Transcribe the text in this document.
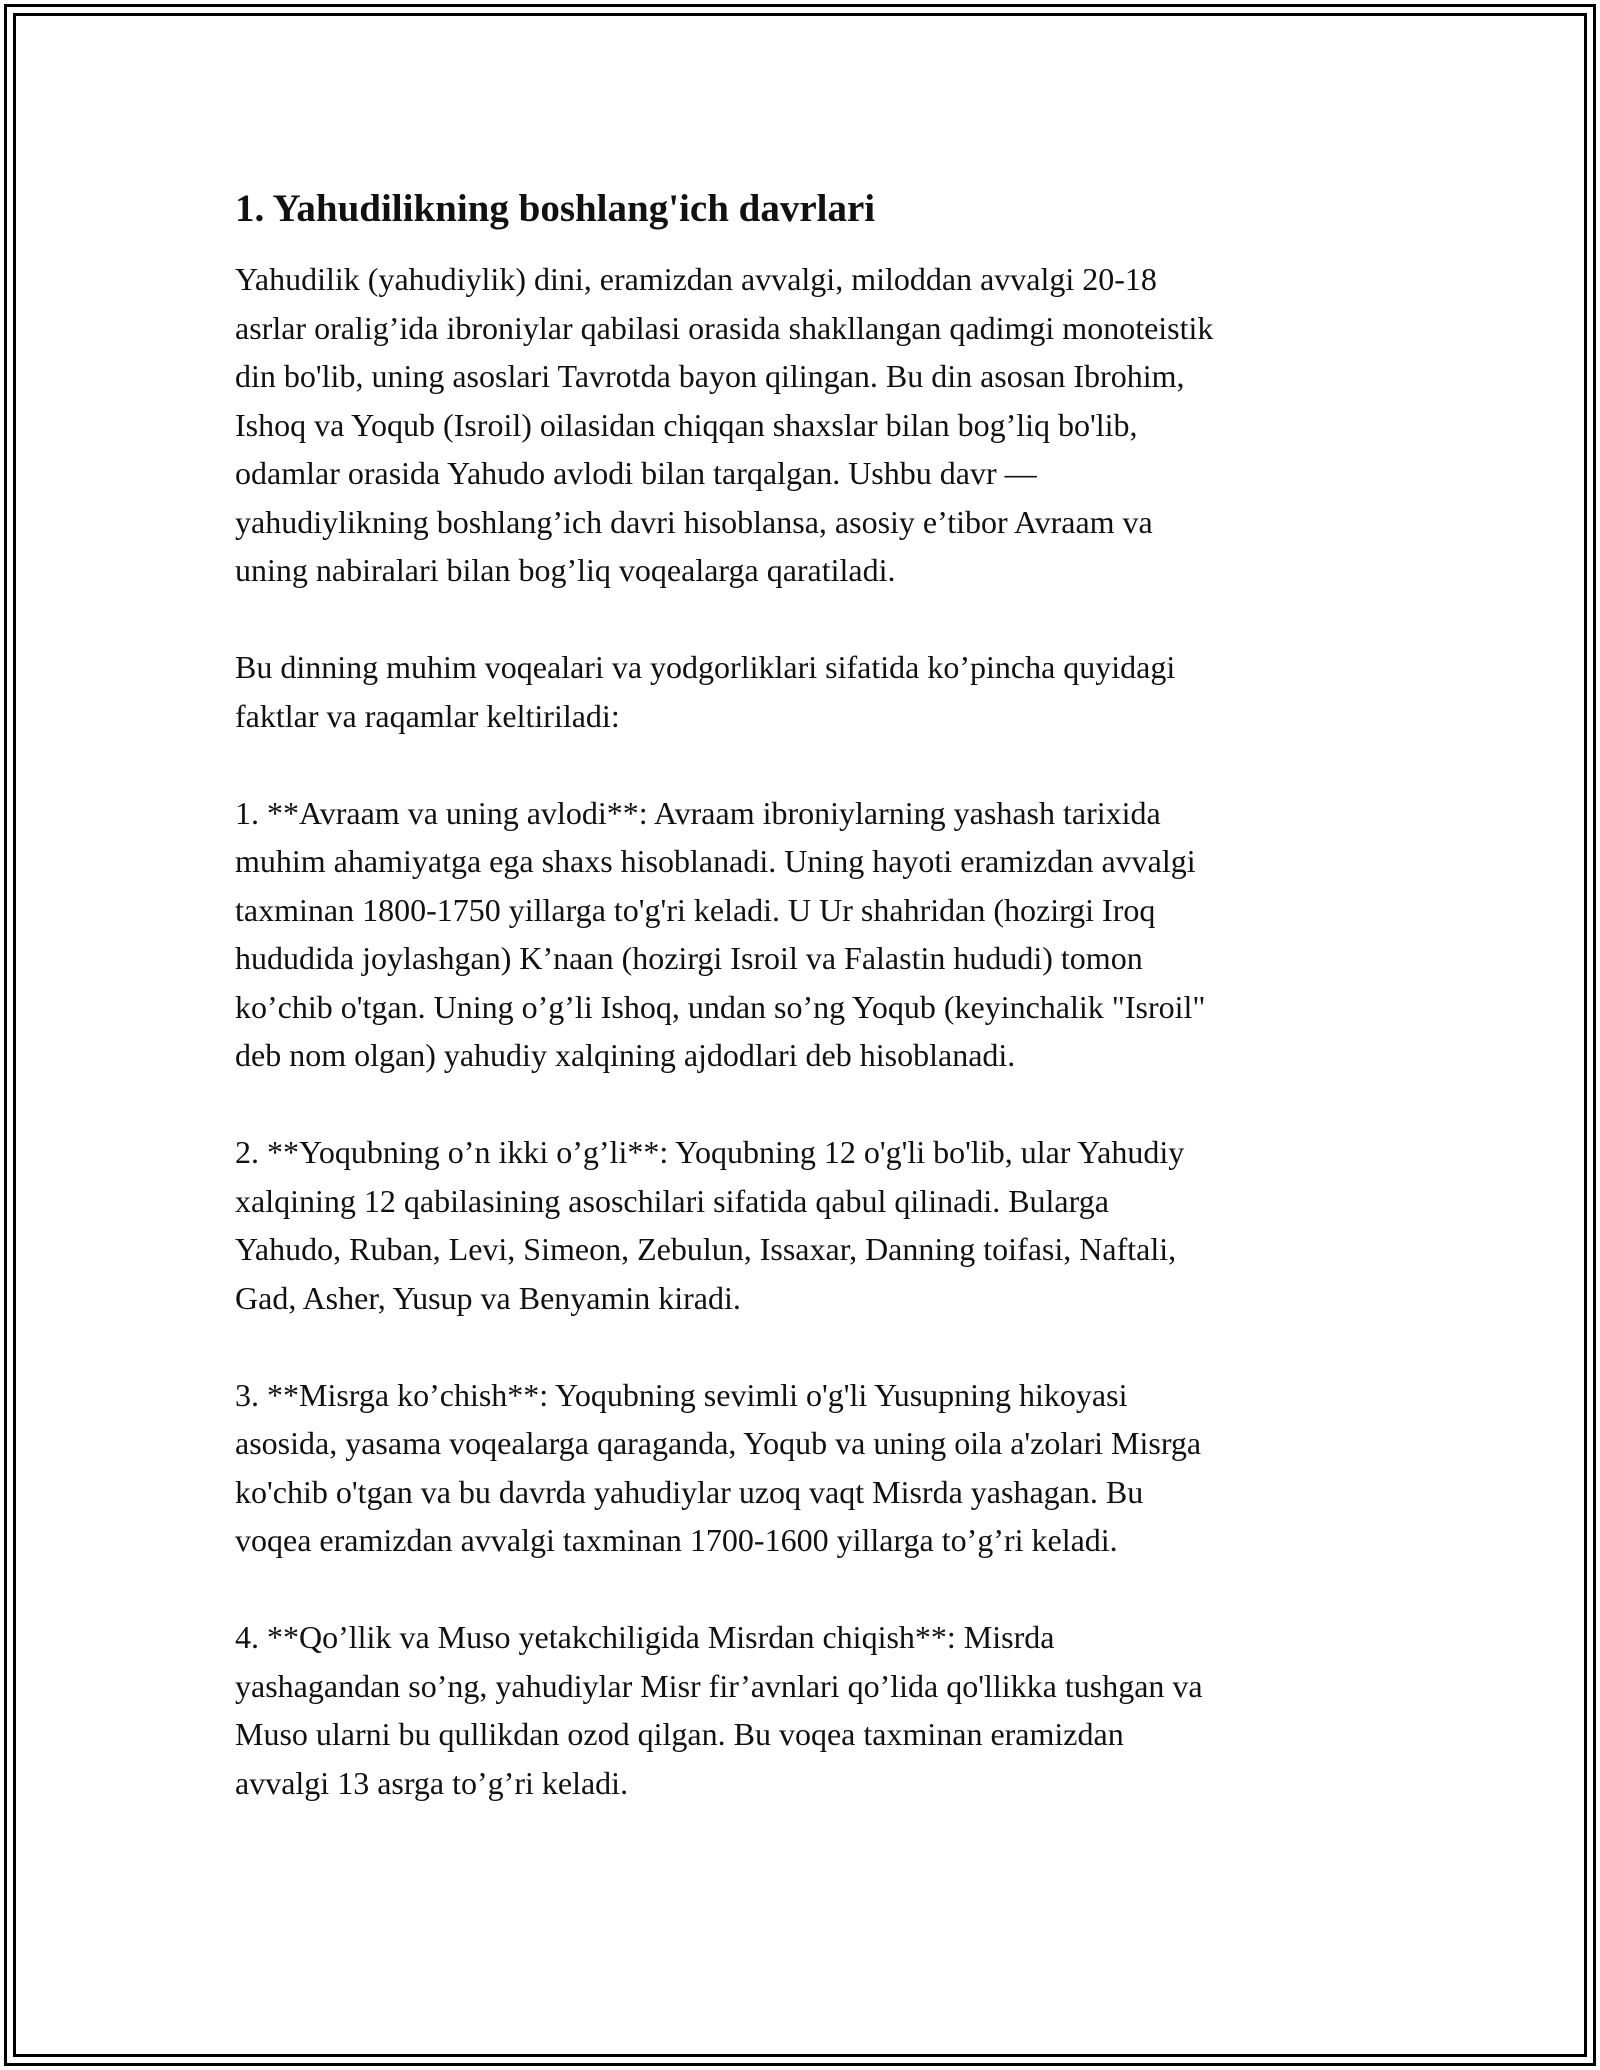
1. Yahudilikning boshlang'ich davrlari

Yahudilik (yahudiylik) dini, eramizdan avvalgi, miloddan avvalgi 20-18
asrlar oralig’ida ibroniylar qabilasi orasida shakllangan qadimgi monoteistik
din bo'lib, uning asoslari Tavrotda bayon qilingan. Bu din asosan Ibrohim,
Ishoq va Yoqub (Isroil) oilasidan chiqqan shaxslar bilan bog’liq bo'lib,
odamlar orasida Yahudo avlodi bilan tarqalgan. Ushbu davr —
yahudiylikning boshlang’ich davri hisoblansa, asosiy e’tibor Avraam va
uning nabiralari bilan bog’liq voqealarga qaratiladi.

Bu dinning muhim voqealari va yodgorliklari sifatida ko’pincha quyidagi
faktlar va raqamlar keltiriladi:

1. **Avraam va uning avlodi**: Avraam ibroniylarning yashash tarixida
muhim ahamiyatga ega shaxs hisoblanadi. Uning hayoti eramizdan avvalgi
taxminan 1800-1750 yillarga to'g'ri keladi. U Ur shahridan (hozirgi Iroq
hududida joylashgan) K’naan (hozirgi Isroil va Falastin hududi) tomon
ko’chib o'tgan. Uning o’g’li Ishoq, undan so’ng Yoqub (keyinchalik "Isroil"
deb nom olgan) yahudiy xalqining ajdodlari deb hisoblanadi.

2. **Yoqubning o’n ikki o’g’li**: Yoqubning 12 o'g'li bo'lib, ular Yahudiy
xalqining 12 qabilasining asoschilari sifatida qabul qilinadi. Bularga
Yahudo, Ruban, Levi, Simeon, Zebulun, Issaxar, Danning toifasi, Naftali,
Gad, Asher, Yusup va Benyamin kiradi.

3. **Misrga ko’chish**: Yoqubning sevimli o'g'li Yusupning hikoyasi
asosida, yasama voqealarga qaraganda, Yoqub va uning oila a'zolari Misrga
ko'chib o'tgan va bu davrda yahudiylar uzoq vaqt Misrda yashagan. Bu
voqea eramizdan avvalgi taxminan 1700-1600 yillarga to’g’ri keladi.

4. **Qo’llik va Muso yetakchiligida Misrdan chiqish**: Misrda
yashagandan so’ng, yahudiylar Misr fir’avnlari qo’lida qo'llikka tushgan va
Muso ularni bu qullikdan ozod qilgan. Bu voqea taxminan eramizdan
avvalgi 13 asrga to’g’ri keladi.
